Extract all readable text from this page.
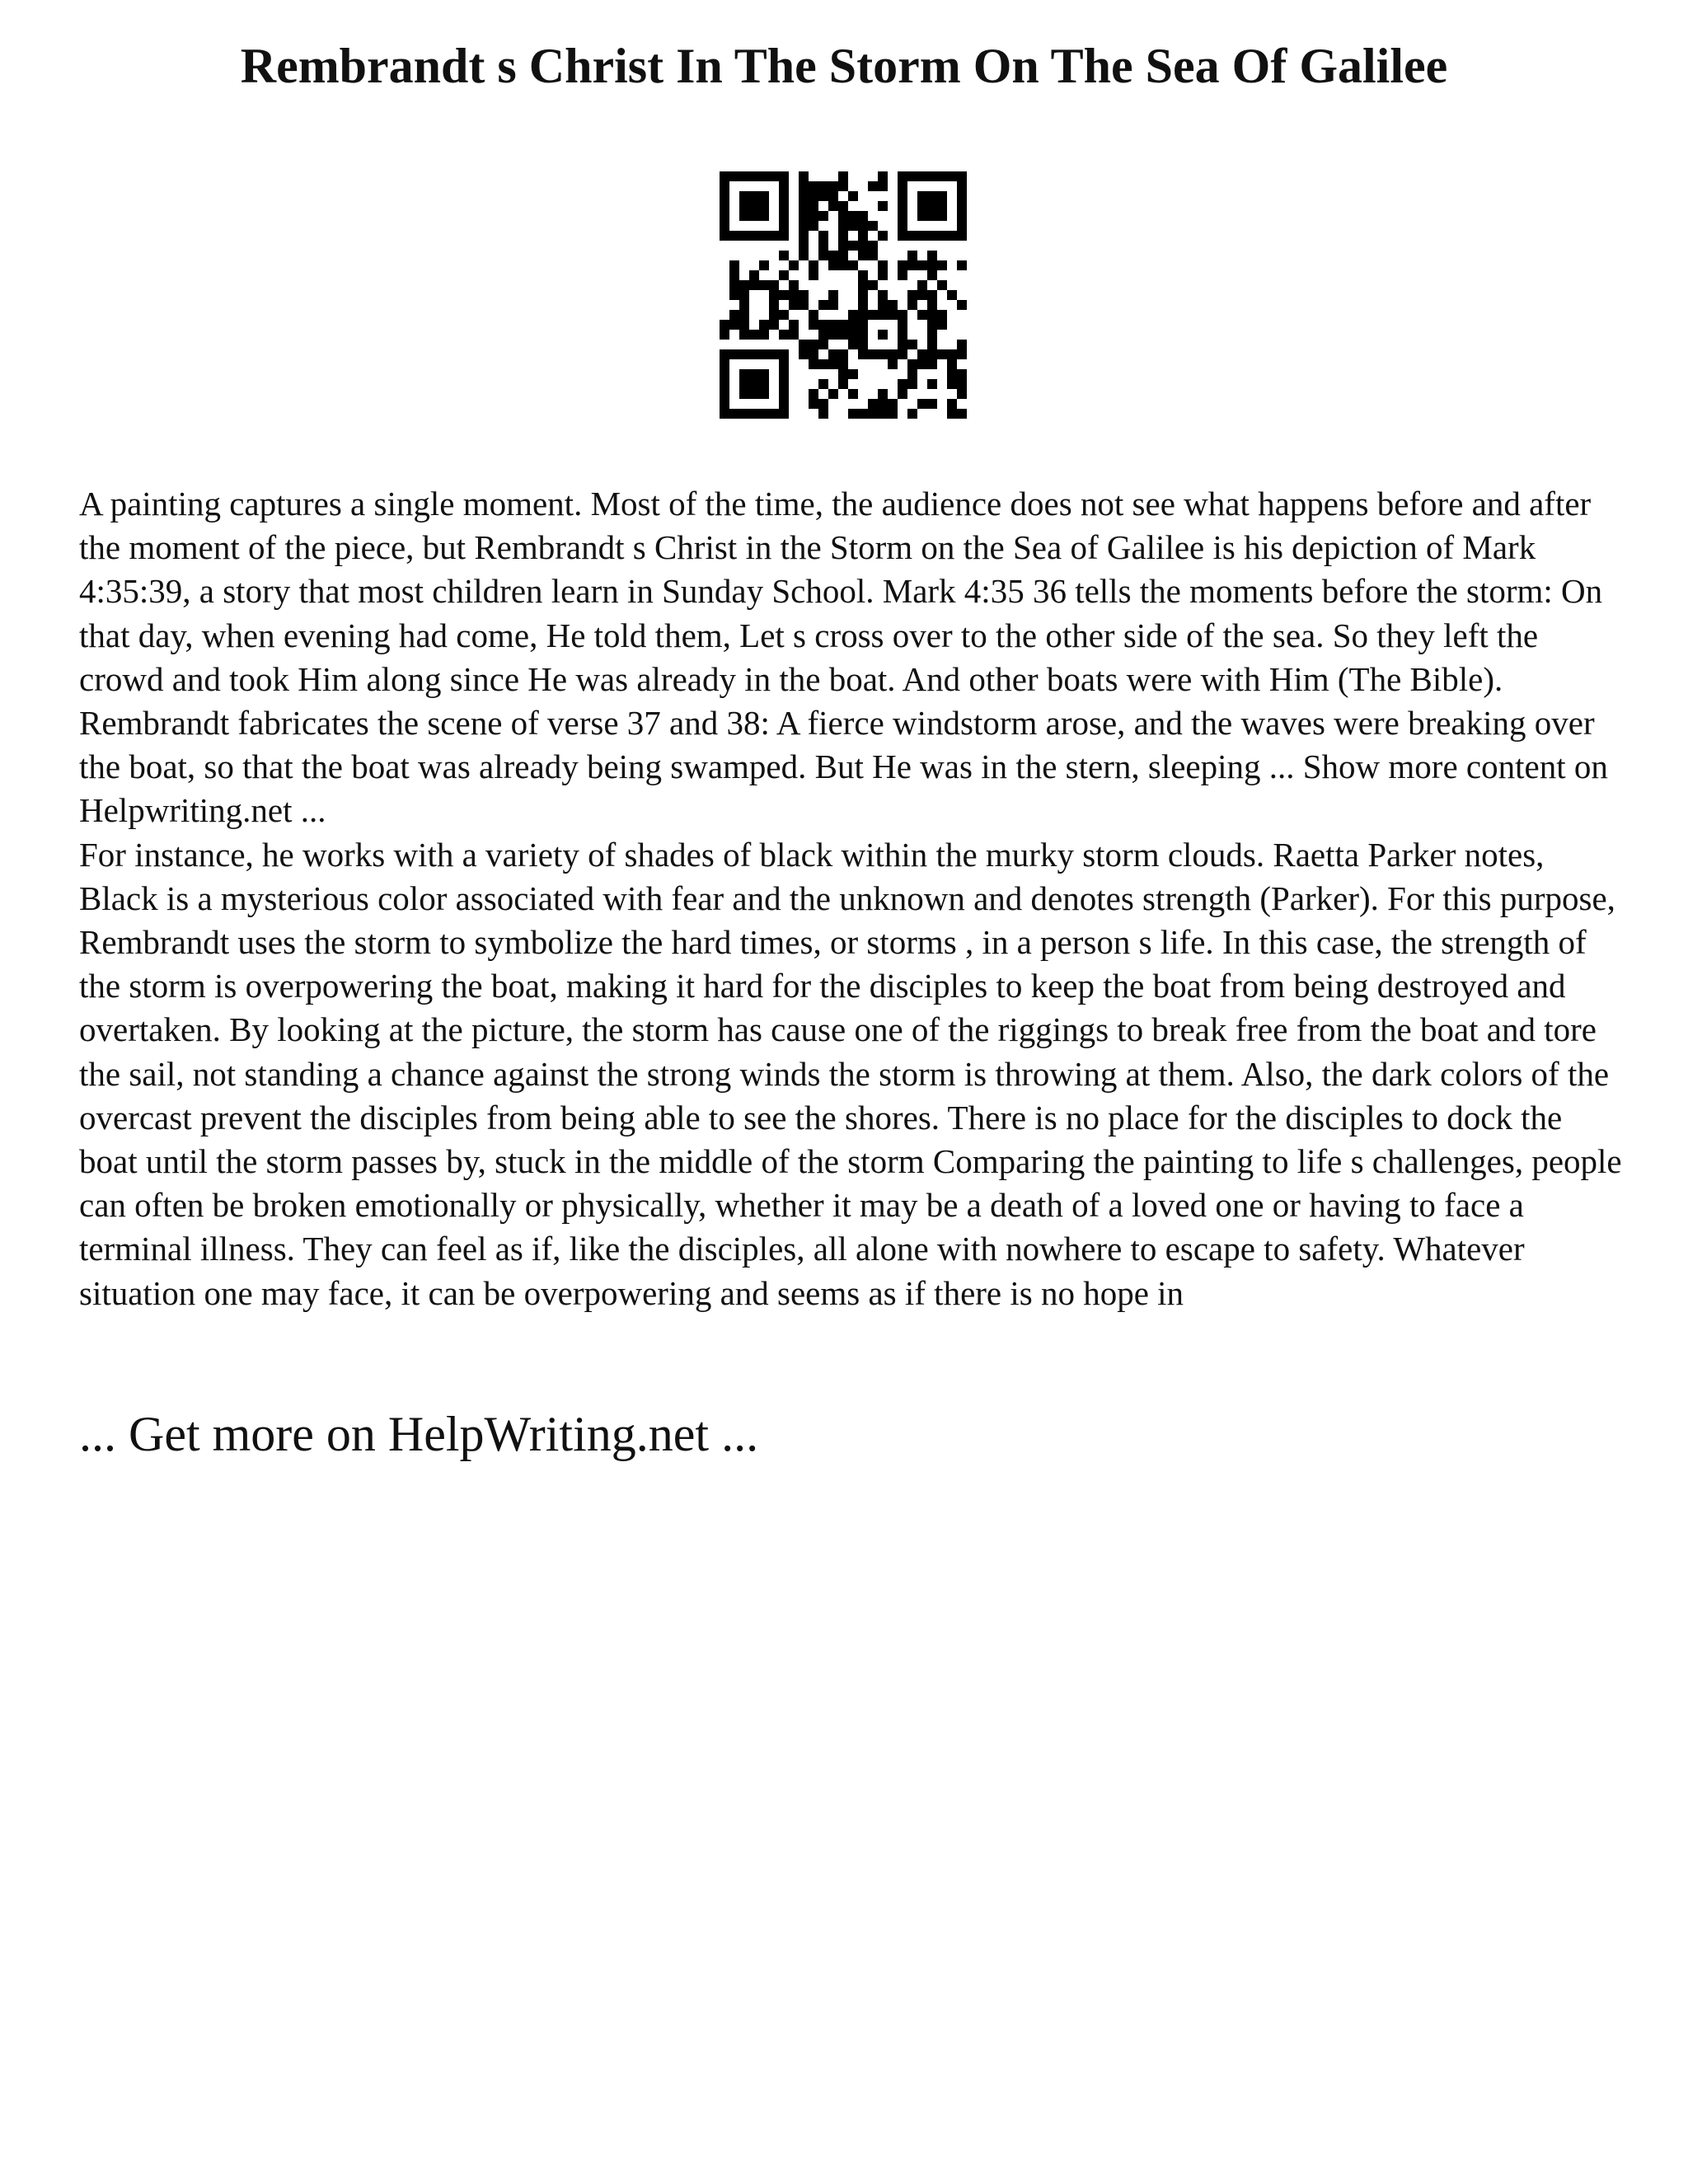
Rembrandt s Christ In The Storm On The Sea Of Galilee

A painting captures a single moment. Most of the time, the audience does not see what happens before and after the moment of the piece, but Rembrandt s Christ in the Storm on the Sea of Galilee is his depiction of Mark 4:35:39, a story that most children learn in Sunday School. Mark 4:35 36 tells the moments before the storm: On that day, when evening had come, He told them, Let s cross over to the other side of the sea. So they left the crowd and took Him along since He was already in the boat. And other boats were with Him (The Bible). Rembrandt fabricates the scene of verse 37 and 38: A fierce windstorm arose, and the waves were breaking over the boat, so that the boat was already being swamped. But He was in the stern, sleeping ... Show more content on Helpwriting.net ...

For instance, he works with a variety of shades of black within the murky storm clouds. Raetta Parker notes, Black is a mysterious color associated with fear and the unknown and denotes strength (Parker). For this purpose, Rembrandt uses the storm to symbolize the hard times, or storms , in a person s life. In this case, the strength of the storm is overpowering the boat, making it hard for the disciples to keep the boat from being destroyed and overtaken. By looking at the picture, the storm has cause one of the riggings to break free from the boat and tore the sail, not standing a chance against the strong winds the storm is throwing at them. Also, the dark colors of the overcast prevent the disciples from being able to see the shores. There is no place for the disciples to dock the boat until the storm passes by, stuck in the middle of the storm Comparing the painting to life s challenges, people can often be broken emotionally or physically, whether it may be a death of a loved one or having to face a terminal illness. They can feel as if, like the disciples, all alone with nowhere to escape to safety. Whatever situation one may face, it can be overpowering and seems as if there is no hope in

... Get more on HelpWriting.net ...
